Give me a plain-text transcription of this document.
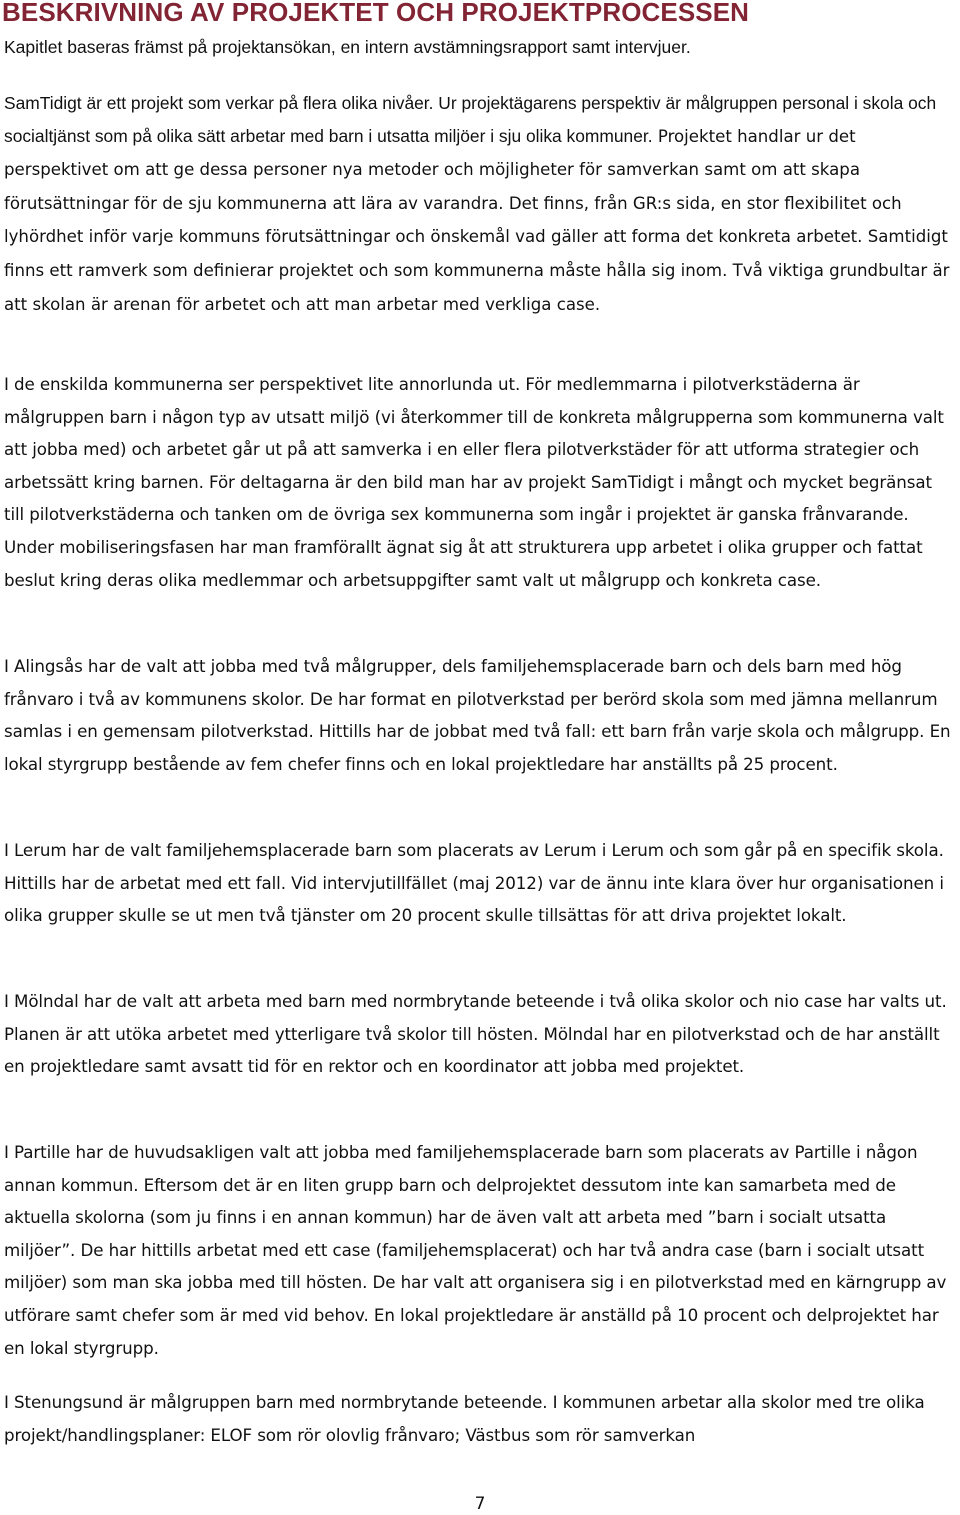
BESKRIVNING AV PROJEKTET OCH PROJEKTPROCESSEN

Kapitlet baseras främst på projektansökan, en intern avstämningsrapport samt intervjuer.

SamTidigt är ett projekt som verkar på flera olika nivåer. Ur projektägarens perspektiv är målgruppen personal i skola och socialtjänst som på olika sätt arbetar med barn i utsatta miljöer i sju olika kommuner. Projektet handlar ur det perspektivet om att ge dessa personer nya metoder och möjligheter för samverkan samt om att skapa förutsättningar för de sju kommunerna att lära av varandra. Det finns, från GR:s sida, en stor flexibilitet och lyhördhet inför varje kommuns förutsättningar och önskemål vad gäller att forma det konkreta arbetet. Samtidigt finns ett ramverk som definierar projektet och som kommunerna måste hålla sig inom. Två viktiga grundbultar är att skolan är arenan för arbetet och att man arbetar med verkliga case.

I de enskilda kommunerna ser perspektivet lite annorlunda ut. För medlemmarna i pilotverkstäderna är målgruppen barn i någon typ av utsatt miljö (vi återkommer till de konkreta målgrupperna som kommunerna valt att jobba med) och arbetet går ut på att samverka i en eller flera pilotverkstäder för att utforma strategier och arbetssätt kring barnen. För deltagarna är den bild man har av projekt SamTidigt i mångt och mycket begränsat till pilotverkstäderna och tanken om de övriga sex kommunerna som ingår i projektet är ganska frånvarande. Under mobiliseringsfasen har man framförallt ägnat sig åt att strukturera upp arbetet i olika grupper och fattat beslut kring deras olika medlemmar och arbetsuppgifter samt valt ut målgrupp och konkreta case.

I Alingsås har de valt att jobba med två målgrupper, dels familjehemsplacerade barn och dels barn med hög frånvaro i två av kommunens skolor. De har format en pilotverkstad per berörd skola som med jämna mellanrum samlas i en gemensam pilotverkstad. Hittills har de jobbat med två fall: ett barn från varje skola och målgrupp. En lokal styrgrupp bestående av fem chefer finns och en lokal projektledare har anställts på 25 procent.

I Lerum har de valt familjehemsplacerade barn som placerats av Lerum i Lerum och som går på en specifik skola. Hittills har de arbetat med ett fall. Vid intervjutillfället (maj 2012) var de ännu inte klara över hur organisationen i olika grupper skulle se ut men två tjänster om 20 procent skulle tillsättas för att driva projektet lokalt.

I Mölndal har de valt att arbeta med barn med normbrytande beteende i två olika skolor och nio case har valts ut. Planen är att utöka arbetet med ytterligare två skolor till hösten. Mölndal har en pilotverkstad och de har anställt en projektledare samt avsatt tid för en rektor och en koordinator att jobba med projektet.

I Partille har de huvudsakligen valt att jobba med familjehemsplacerade barn som placerats av Partille i någon annan kommun. Eftersom det är en liten grupp barn och delprojektet dessutom inte kan samarbeta med de aktuella skolorna (som ju finns i en annan kommun) har de även valt att arbeta med ”barn i socialt utsatta miljöer”. De har hittills arbetat med ett case (familjehemsplacerat) och har två andra case (barn i socialt utsatt miljöer) som man ska jobba med till hösten. De har valt att organisera sig i en pilotverkstad med en kärngrupp av utförare samt chefer som är med vid behov. En lokal projektledare är anställd på 10 procent och delprojektet har en lokal styrgrupp.

I Stenungsund är målgruppen barn med normbrytande beteende. I kommunen arbetar alla skolor med tre olika projekt/handlingsplaner: ELOF som rör olovlig frånvaro; Västbus som rör samverkan

7
